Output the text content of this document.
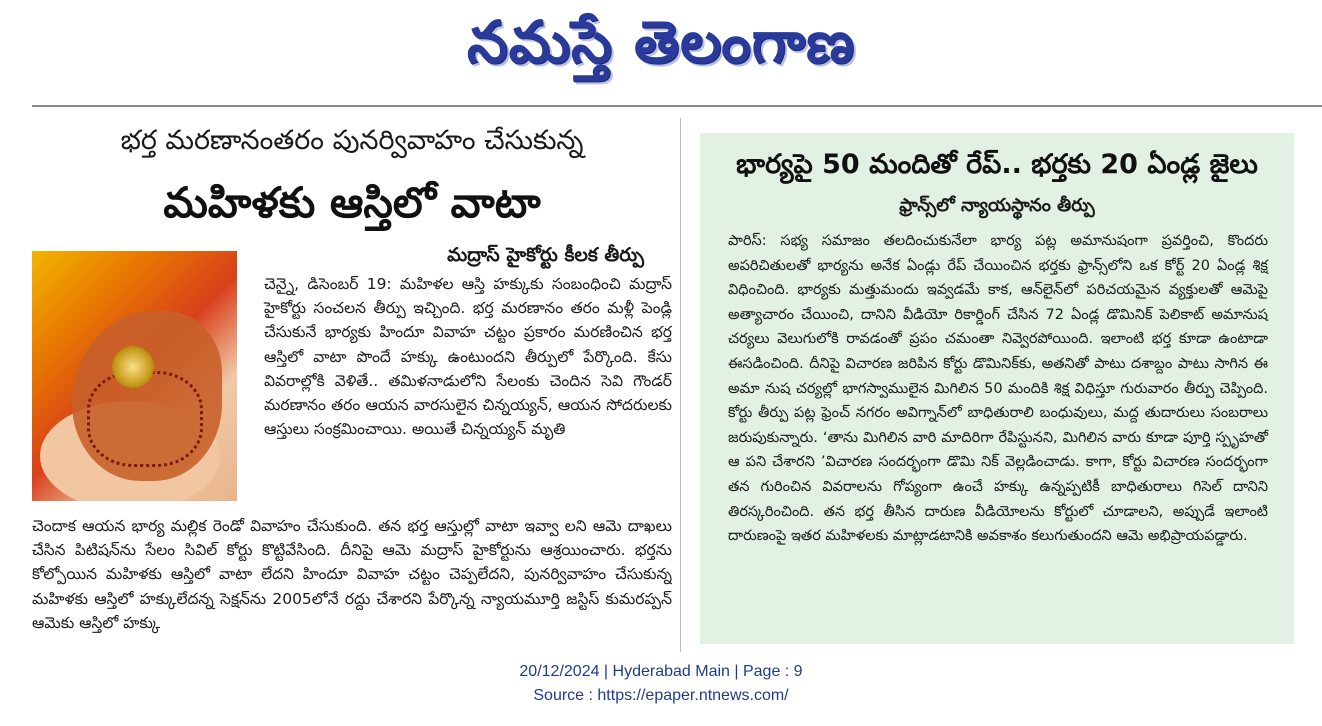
నమస్తే తెలంగాణ
భర్త మరణానంతరం పునర్వివాహం చేసుకున్న
మహిళకు ఆస్తిలో వాటా
మద్రాస్ హైకోర్టు కీలక తీర్పు
చెన్నై, డిసెంబర్ 19: మహిళల ఆస్తి హక్కుకు సంబంధించి మద్రాస్ హైకోర్టు సంచలన తీర్పు ఇచ్చింది. భర్త మరణానం తరం మళ్లీ పెండ్లి చేసుకునే భార్యకు హిందూ వివాహ చట్టం ప్రకారం మరణించిన భర్త ఆస్తిలో వాటా పొందే హక్కు ఉంటుందని తీర్పులో పేర్కొంది. కేసు వివరాల్లోకి వెళితే.. తమిళనాడులోని సేలంకు చెందిన సెవి గౌండర్ మరణానం తరం ఆయన వారసులైన చిన్నయ్యన్, ఆయన సోదరులకు ఆస్తులు సంక్రమించాయి. అయితే చిన్నయ్యన్ మృతి
చెందాక ఆయన భార్య మల్లిక రెండో వివాహం చేసుకుంది. తన భర్త ఆస్తుల్లో వాటా ఇవ్వా లని ఆమె దాఖలు చేసిన పిటిషన్‌ను సేలం సివిల్ కోర్టు కొట్టివేసింది. దీనిపై ఆమె మద్రాస్ హైకోర్టును ఆశ్రయించారు. భర్తను కోల్పోయిన మహిళకు ఆస్తిలో వాటా లేదని హిందూ వివాహ చట్టం చెప్పలేదని, పునర్వివాహం చేసుకున్న మహిళకు ఆస్తిలో హక్కులేదన్న సెక్షన్‌ను 2005లోనే రద్దు చేశారని పేర్కొన్న న్యాయమూర్తి జస్టిస్ కుమరప్పన్ ఆమెకు ఆస్తిలో హక్కు
భార్యపై 50 మందితో రేప్.. భర్తకు 20 ఏండ్ల జైలు
ఫ్రాన్స్‌లో న్యాయస్థానం తీర్పు
పారిస్: సభ్య సమాజం తలదించుకునేలా భార్య పట్ల అమానుషంగా ప్రవర్తించి, కొందరు అపరిచితులతో భార్యను అనేక ఏండ్లు రేప్ చేయించిన భర్తకు ఫ్రాన్స్‌లోని ఒక కోర్ట్ 20 ఏండ్ల శిక్ష విధించింది. భార్యకు మత్తుమందు ఇవ్వడమే కాక, ఆన్‌లైన్‌లో పరిచయమైన వ్యక్తులతో ఆమెపై అత్యాచారం చేయించి, దానిని వీడియో రికార్డింగ్ చేసిన 72 ఏండ్ల డొమినిక్ పెలికాట్ అమానుష చర్యలు వెలుగులోకి రావడంతో ప్రపం చమంతా నివ్వెరపోయింది. ఇలాంటి భర్త కూడా ఉంటాడా ఈసడించింది. దీనిపై విచారణ జరిపిన కోర్టు డొమినిక్‌కు, అతనితో పాటు దశాబ్దం పాటు సాగిన ఈ అమా నుష చర్యల్లో భాగస్వాములైన మిగిలిన 50 మందికి శిక్ష విధిస్తూ గురువారం తీర్పు చెప్పింది. కోర్టు తీర్పు పట్ల ఫ్రెంచ్ నగరం అవిగ్నాన్‌లో బాధితురాలి బంధువులు, మద్ద తుదారులు సంబరాలు జరుపుకున్నారు. ‘తాను మిగిలిన వారి మాదిరిగా రేపిస్టునని, మిగిలిన వారు కూడా పూర్తి స్పృహతో ఆ పని చేశారని ’విచారణ సందర్భంగా డొమి నిక్ వెల్లడించాడు. కాగా, కోర్టు విచారణ సందర్భంగా తన గురించిన వివరాలను గోప్యంగా ఉంచే హక్కు ఉన్నప్పటికీ బాధితురాలు గిసెల్ దానిని తిరస్కరించింది. తన భర్త తీసిన దారుణ వీడియోలను కోర్టులో చూడాలని, అప్పుడే ఇలాంటి దారుణంపై ఇతర మహిళలకు మాట్లాడటానికి అవకాశం కలుగుతుందని ఆమె అభిప్రాయపడ్డారు.
20/12/2024 | Hyderabad Main | Page : 9
Source : https://epaper.ntnews.com/
